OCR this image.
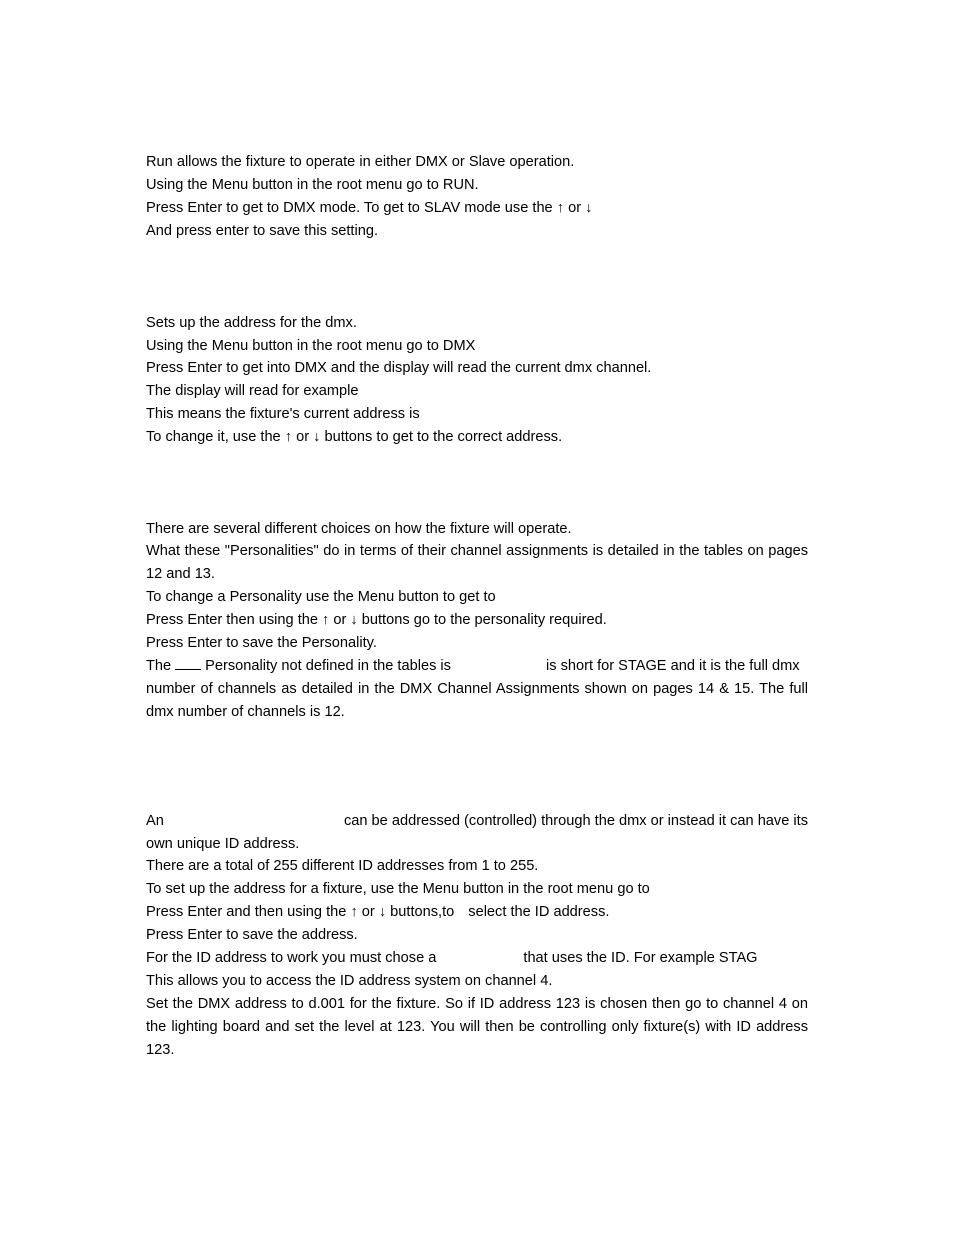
Run allows the fixture to operate in either DMX or Slave operation.
Using the Menu button in the root menu go to RUN.
Press Enter to get to DMX mode. To get to SLAV mode use the ↑ or ↓
And press enter to save this setting.
Sets up the address for the dmx.
Using the Menu button in the root menu go to DMX
Press Enter to get into DMX and the display will read the current dmx channel.
The display will read for example
This means the fixture's current address is
To change it, use the ↑ or ↓ buttons to get to the correct address.
There are several different choices on how the fixture will operate.
What these "Personalities" do in terms of their channel assignments is detailed in the tables on pages
12 and 13.
To change a Personality use the Menu button to get to
Press Enter then using the ↑ or ↓ buttons go to the personality required.
Press Enter to save the Personality.
The Personality not defined in the tables is	is short for STAGE and it is the full dmx
number of channels as detailed in the DMX Channel Assignments shown on pages 14 & 15. The full
dmx number of channels is 12.
An	can be addressed (controlled) through the dmx or instead it can have its
own unique ID address.
There are a total of 255 different ID addresses from 1 to 255.
To set up the address for a fixture, use the Menu button in the root menu go to
Press Enter and then using the ↑ or ↓ buttons,to select the ID address.
Press Enter to save the address.
For the ID address to work you must chose a	that uses the ID. For example STAG
This allows you to access the ID address system on channel 4.
Set the DMX address to d.001 for the fixture. So if ID address 123 is chosen then go to channel 4 on
the lighting board and set the level at 123. You will then be controlling only fixture(s) with ID address
123.
